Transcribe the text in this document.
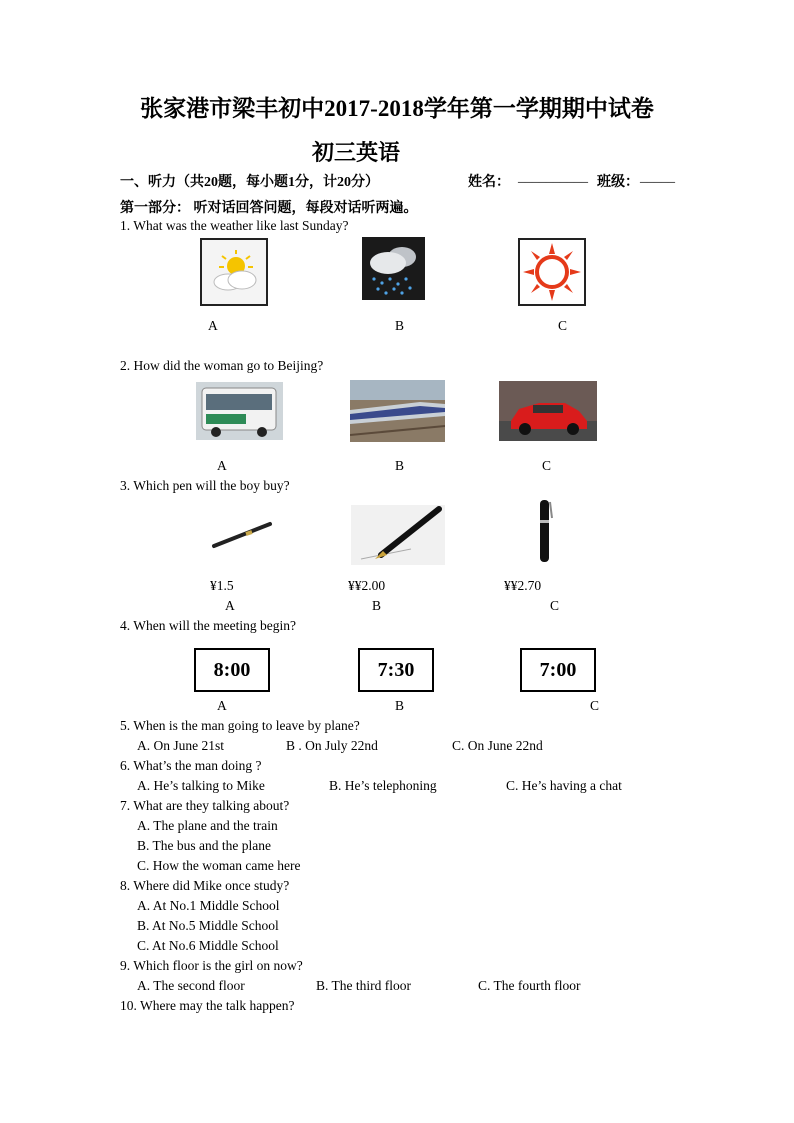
张家港市梁丰初中2017-2018学年第一学期期中试卷
初三英语
一、听力（共20题，每小题1分，计20分）	姓名： __________ 班级： _____
第一部分： 听对话回答问题，每段对话听两遍。
1. What was the weather like last Sunday?
A	B	C
2. How did the woman go to Beijing?
A	B	C
3. Which pen will the boy buy?
¥1.5	¥¥2.00	¥¥2.70
A	B	C
4. When will the meeting begin?
8:00	7:30	7:00
A	B	C
5. When is the man going to leave by plane?
A. On June 21st	B . On July 22nd	C. On June 22nd
6. What’s the man doing ?
A. He’s talking to Mike	B. He’s telephoning	C. He’s having a chat
7. What are they talking about?
A. The plane and the train
B. The bus and the plane
C. How the woman came here
8. Where did Mike once study?
A. At No.1 Middle School
B. At No.5 Middle School
C. At No.6 Middle School
9. Which floor is the girl on now?
A. The second floor	B. The third floor	C. The fourth floor
10. Where may the talk happen?
